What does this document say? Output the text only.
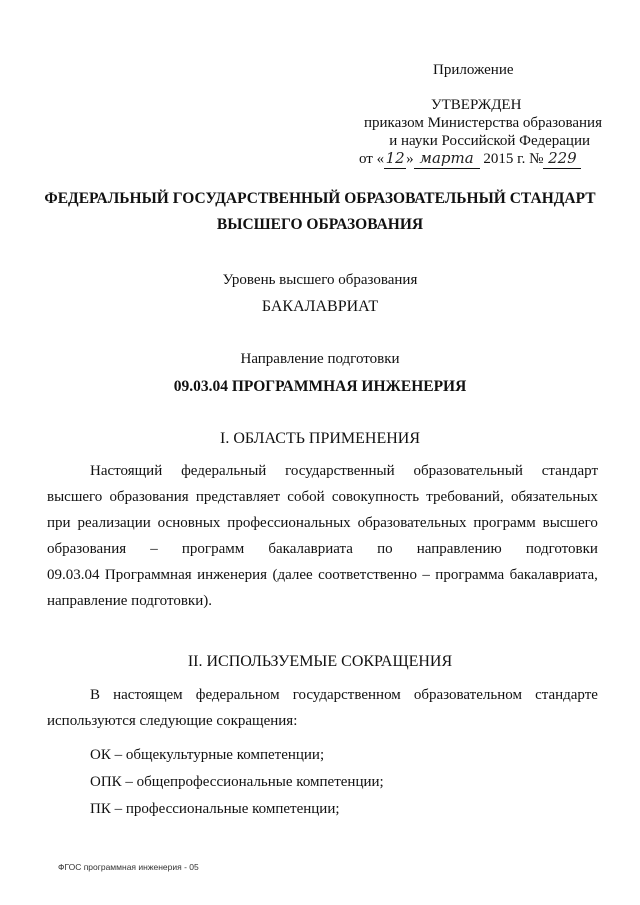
Приложение
УТВЕРЖДЕН
приказом Министерства образования
и науки Российской Федерации
от «12» марта 2015 г. № 229
ФЕДЕРАЛЬНЫЙ ГОСУДАРСТВЕННЫЙ ОБРАЗОВАТЕЛЬНЫЙ СТАНДАРТ
ВЫСШЕГО ОБРАЗОВАНИЯ
Уровень высшего образования
БАКАЛАВРИАТ
Направление подготовки
09.03.04 ПРОГРАММНАЯ ИНЖЕНЕРИЯ
I. ОБЛАСТЬ ПРИМЕНЕНИЯ
Настоящий федеральный государственный образовательный стандарт
высшего образования представляет собой совокупность требований, обязательных
при реализации основных профессиональных образовательных программ высшего
образования – программ бакалавриата по направлению подготовки
09.03.04 Программная инженерия (далее соответственно – программа бакалавриата,
направление подготовки).
II. ИСПОЛЬЗУЕМЫЕ СОКРАЩЕНИЯ
В настоящем федеральном государственном образовательном стандарте
используются следующие сокращения:
ОК – общекультурные компетенции;
ОПК – общепрофессиональные компетенции;
ПК – профессиональные компетенции;
ФГОС программная инженерия - 05
